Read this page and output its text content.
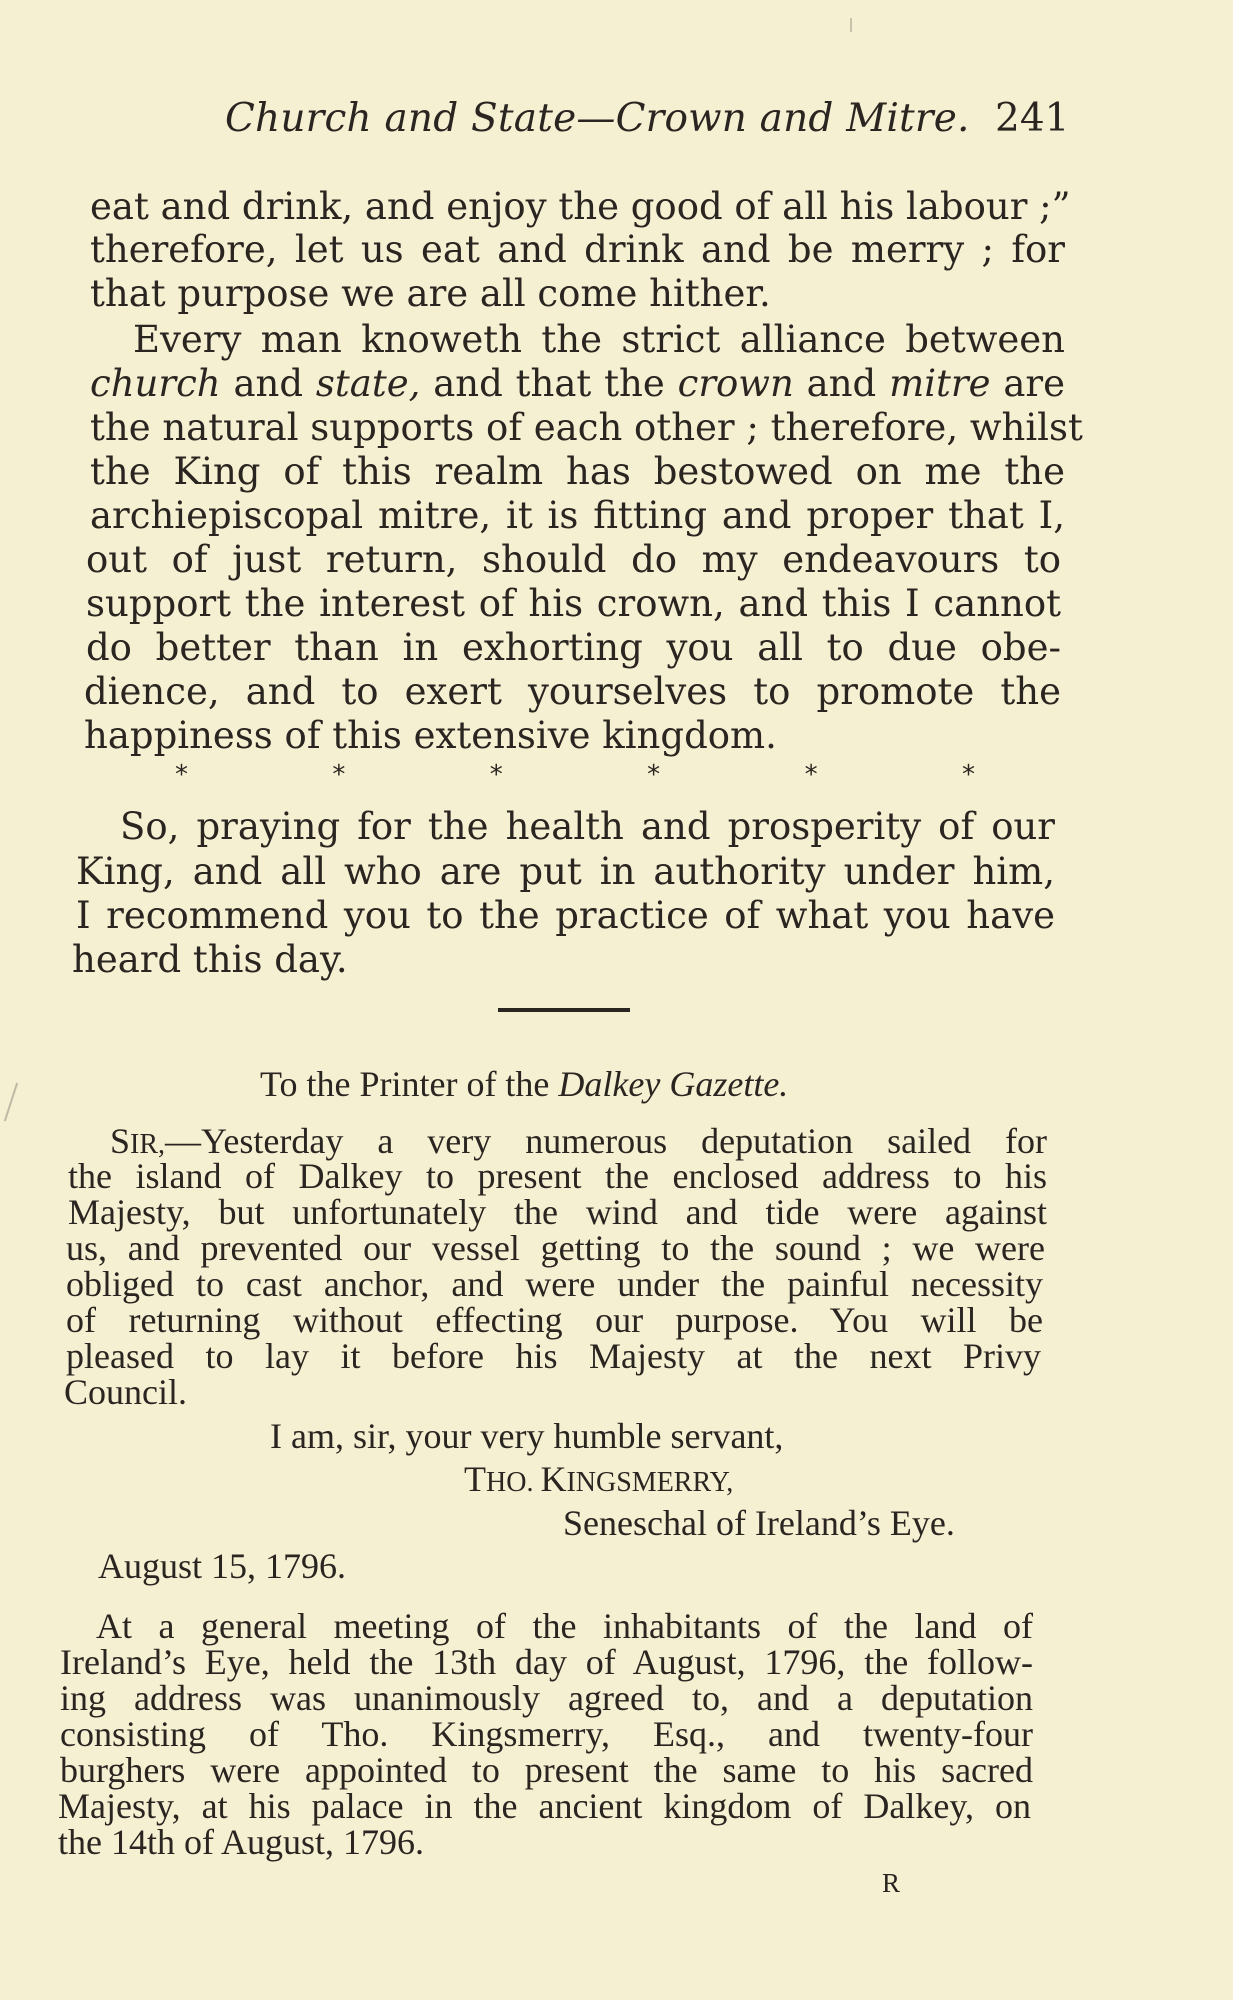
Church and State—Crown and Mitre. 241
eat and drink, and enjoy the good of all his labour ;”
therefore, let us eat and drink and be merry ; for
that purpose we are all come hither.
Every man knoweth the strict alliance between
church and state, and that the crown and mitre are
the natural supports of each other ; therefore, whilst
the King of this realm has bestowed on me the
archiepiscopal mitre, it is fitting and proper that I,
out of just return, should do my endeavours to
support the interest of his crown, and this I cannot
do better than in exhorting you all to due obe-
dience, and to exert yourselves to promote the
happiness of this extensive kingdom.
*	*	*	*	*	*
So, praying for the health and prosperity of our
King, and all who are put in authority under him,
I recommend you to the practice of what you have
heard this day.
To the Printer of the Dalkey Gazette.
SIR,—Yesterday a very numerous deputation sailed for
the island of Dalkey to present the enclosed address to his
Majesty, but unfortunately the wind and tide were against
us, and prevented our vessel getting to the sound ; we were
obliged to cast anchor, and were under the painful necessity
of returning without effecting our purpose. You will be
pleased to lay it before his Majesty at the next Privy
Council.
I am, sir, your very humble servant,
THO. KINGSMERRY,
Seneschal of Ireland’s Eye.
August 15, 1796.
At a general meeting of the inhabitants of the land of
Ireland’s Eye, held the 13th day of August, 1796, the follow-
ing address was unanimously agreed to, and a deputation
consisting of Tho. Kingsmerry, Esq., and twenty-four
burghers were appointed to present the same to his sacred
Majesty, at his palace in the ancient kingdom of Dalkey, on
the 14th of August, 1796.
R
